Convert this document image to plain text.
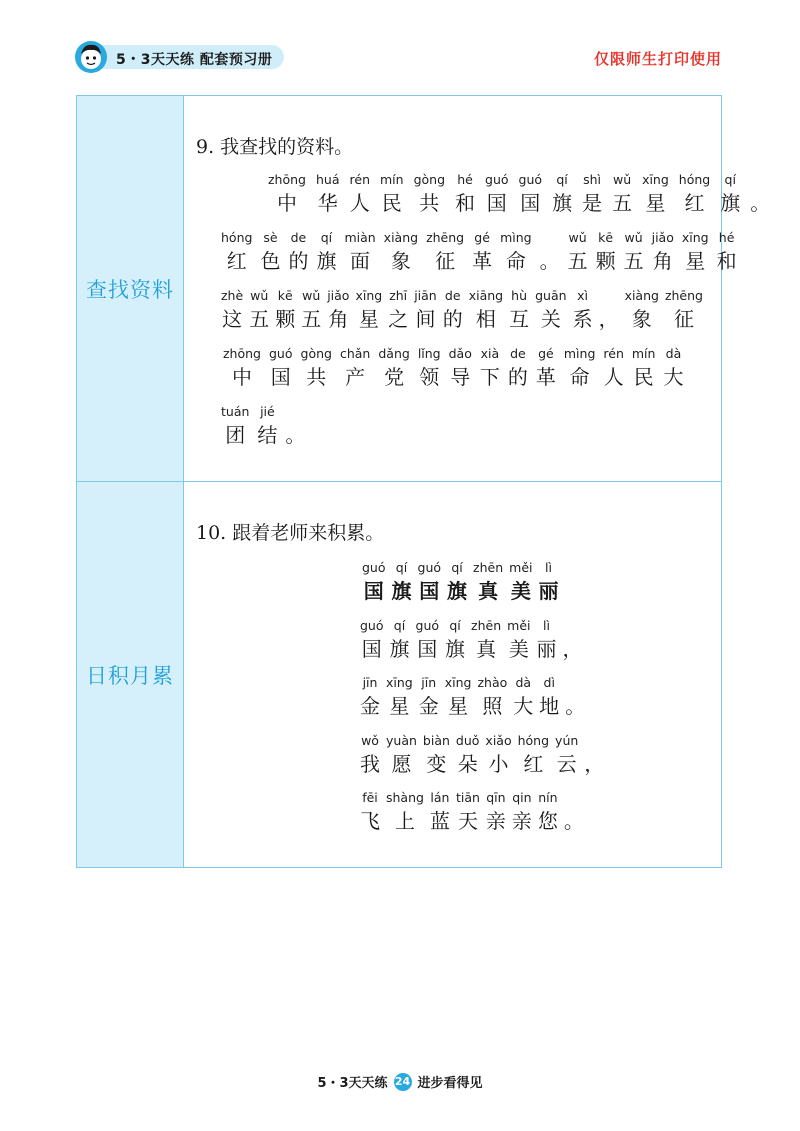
5・3天天练 配套预习册	仅限师生打印使用
查找资料
9. 我查找的资料。
日积月累
10. 跟着老师来积累。
zhōng
中
huá
华
rén
人
mín
民
gòng
共
hé
和
guó
国
guó
国
qí
旗
shì
是
wǔ
五
xīng
星
hóng
红
qí
旗 。
hóng
红
sè
色
de
的
qí
旗
miàn
面
xiàng
象
zhēng
征
gé
革
mìng
命 。
wǔ
五
kē
颗
wǔ
五
jiǎo
角
xīng
星
hé
和
zhè
这
wǔ
五
kē
颗
wǔ
五
jiǎo
角
xīng
星
zhī
之
jiān
间
de
的
xiāng
相
hù
互
guān
关
xì
系 ，
xiàng
象
zhēng
征
zhōng
中
guó
国
gòng
共
chǎn
产
dǎng
党
lǐng
领
dǎo
导
xià
下
de
的
gé
革
mìng
命
rén
人
mín
民
dà
大
tuán
团
jié
结 。
guó
国
qí
旗
guó
国
qí
旗
zhēn
真
měi
美
lì
丽
guó
国
qí
旗
guó
国
qí
旗
zhēn
真
měi
美
lì
丽 ，
jīn
金
xīng
星
jīn
金
xīng
星
zhào
照
dà
大
dì
地 。
wǒ
我
yuàn
愿
biàn
变
duǒ
朵
xiǎo
小
hóng
红
yún
云 ，
fēi
飞
shàng
上
lán
蓝
tiān
天
qīn
亲
qin
亲
nín
您 。
5・3天天练 24 进步看得见
